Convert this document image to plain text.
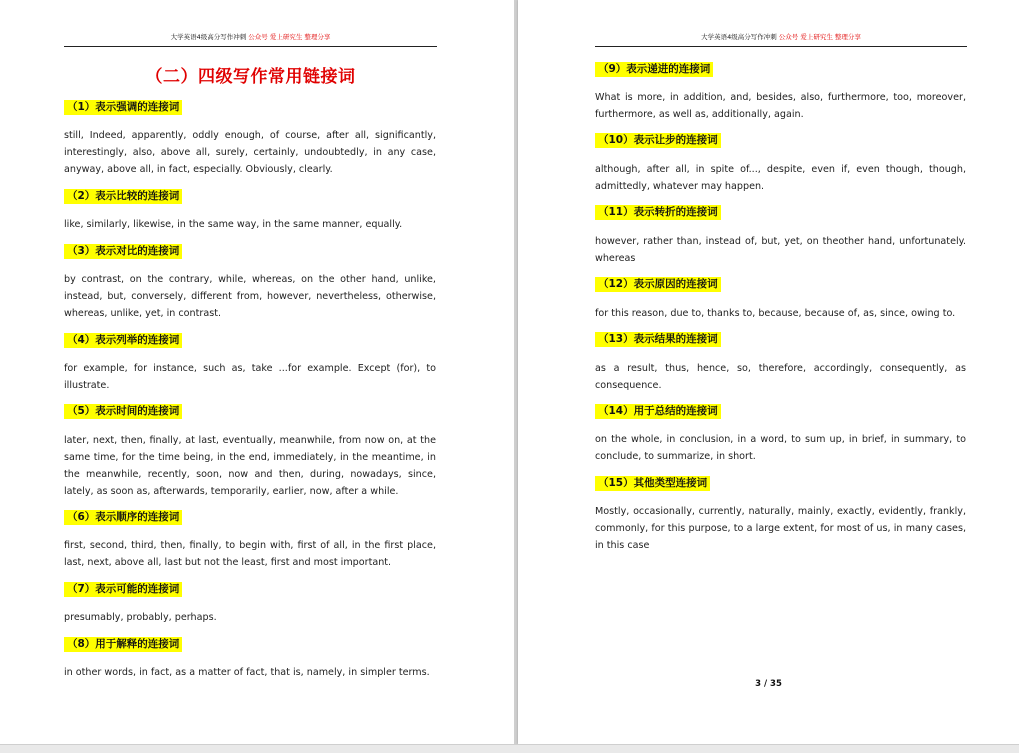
大学英语4级高分写作冲刺 公众号 爱上研究生 整理分享
（二）四级写作常用链接词
（1）表示强调的连接词
still, Indeed, apparently, oddly enough, of course, after all, significantly, interestingly, also, above all, surely, certainly, undoubtedly, in any case, anyway, above all, in fact, especially. Obviously, clearly.
（2）表示比较的连接词
like, similarly, likewise, in the same way, in the same manner, equally.
（3）表示对比的连接词
by contrast, on the contrary, while, whereas, on the other hand, unlike, instead, but, conversely, different from, however, nevertheless, otherwise, whereas, unlike, yet, in contrast.
（4）表示列举的连接词
for example, for instance, such as, take ...for example. Except (for), to illustrate.
（5）表示时间的连接词
later, next, then, finally, at last, eventually, meanwhile, from now on, at the same time, for the time being, in the end, immediately, in the meantime, in the meanwhile, recently, soon, now and then, during, nowadays, since, lately, as soon as, afterwards, temporarily, earlier, now, after a while.
（6）表示顺序的连接词
first, second, third, then, finally, to begin with, first of all, in the first place, last, next, above all, last but not the least, first and most important.
（7）表示可能的连接词
presumably, probably, perhaps.
（8）用于解释的连接词
in other words, in fact, as a matter of fact, that is, namely, in simpler terms.
大学英语4级高分写作冲刺 公众号 爱上研究生 整理分享
（9）表示递进的连接词
What is more, in addition, and, besides, also, furthermore, too, moreover, furthermore, as well as, additionally, again.
（10）表示让步的连接词
although, after all, in spite of..., despite, even if, even though, though, admittedly, whatever may happen.
（11）表示转折的连接词
however, rather than, instead of, but, yet, on theother hand, unfortunately. whereas
（12）表示原因的连接词
for this reason, due to, thanks to, because, because of, as, since, owing to.
（13）表示结果的连接词
as a result, thus, hence, so, therefore, accordingly, consequently, as consequence.
（14）用于总结的连接词
on the whole, in conclusion, in a word, to sum up, in brief, in summary, to conclude, to summarize, in short.
（15）其他类型连接词
Mostly, occasionally, currently, naturally, mainly, exactly, evidently, frankly, commonly, for this purpose, to a large extent, for most of us, in many cases, in this case
3 / 35
